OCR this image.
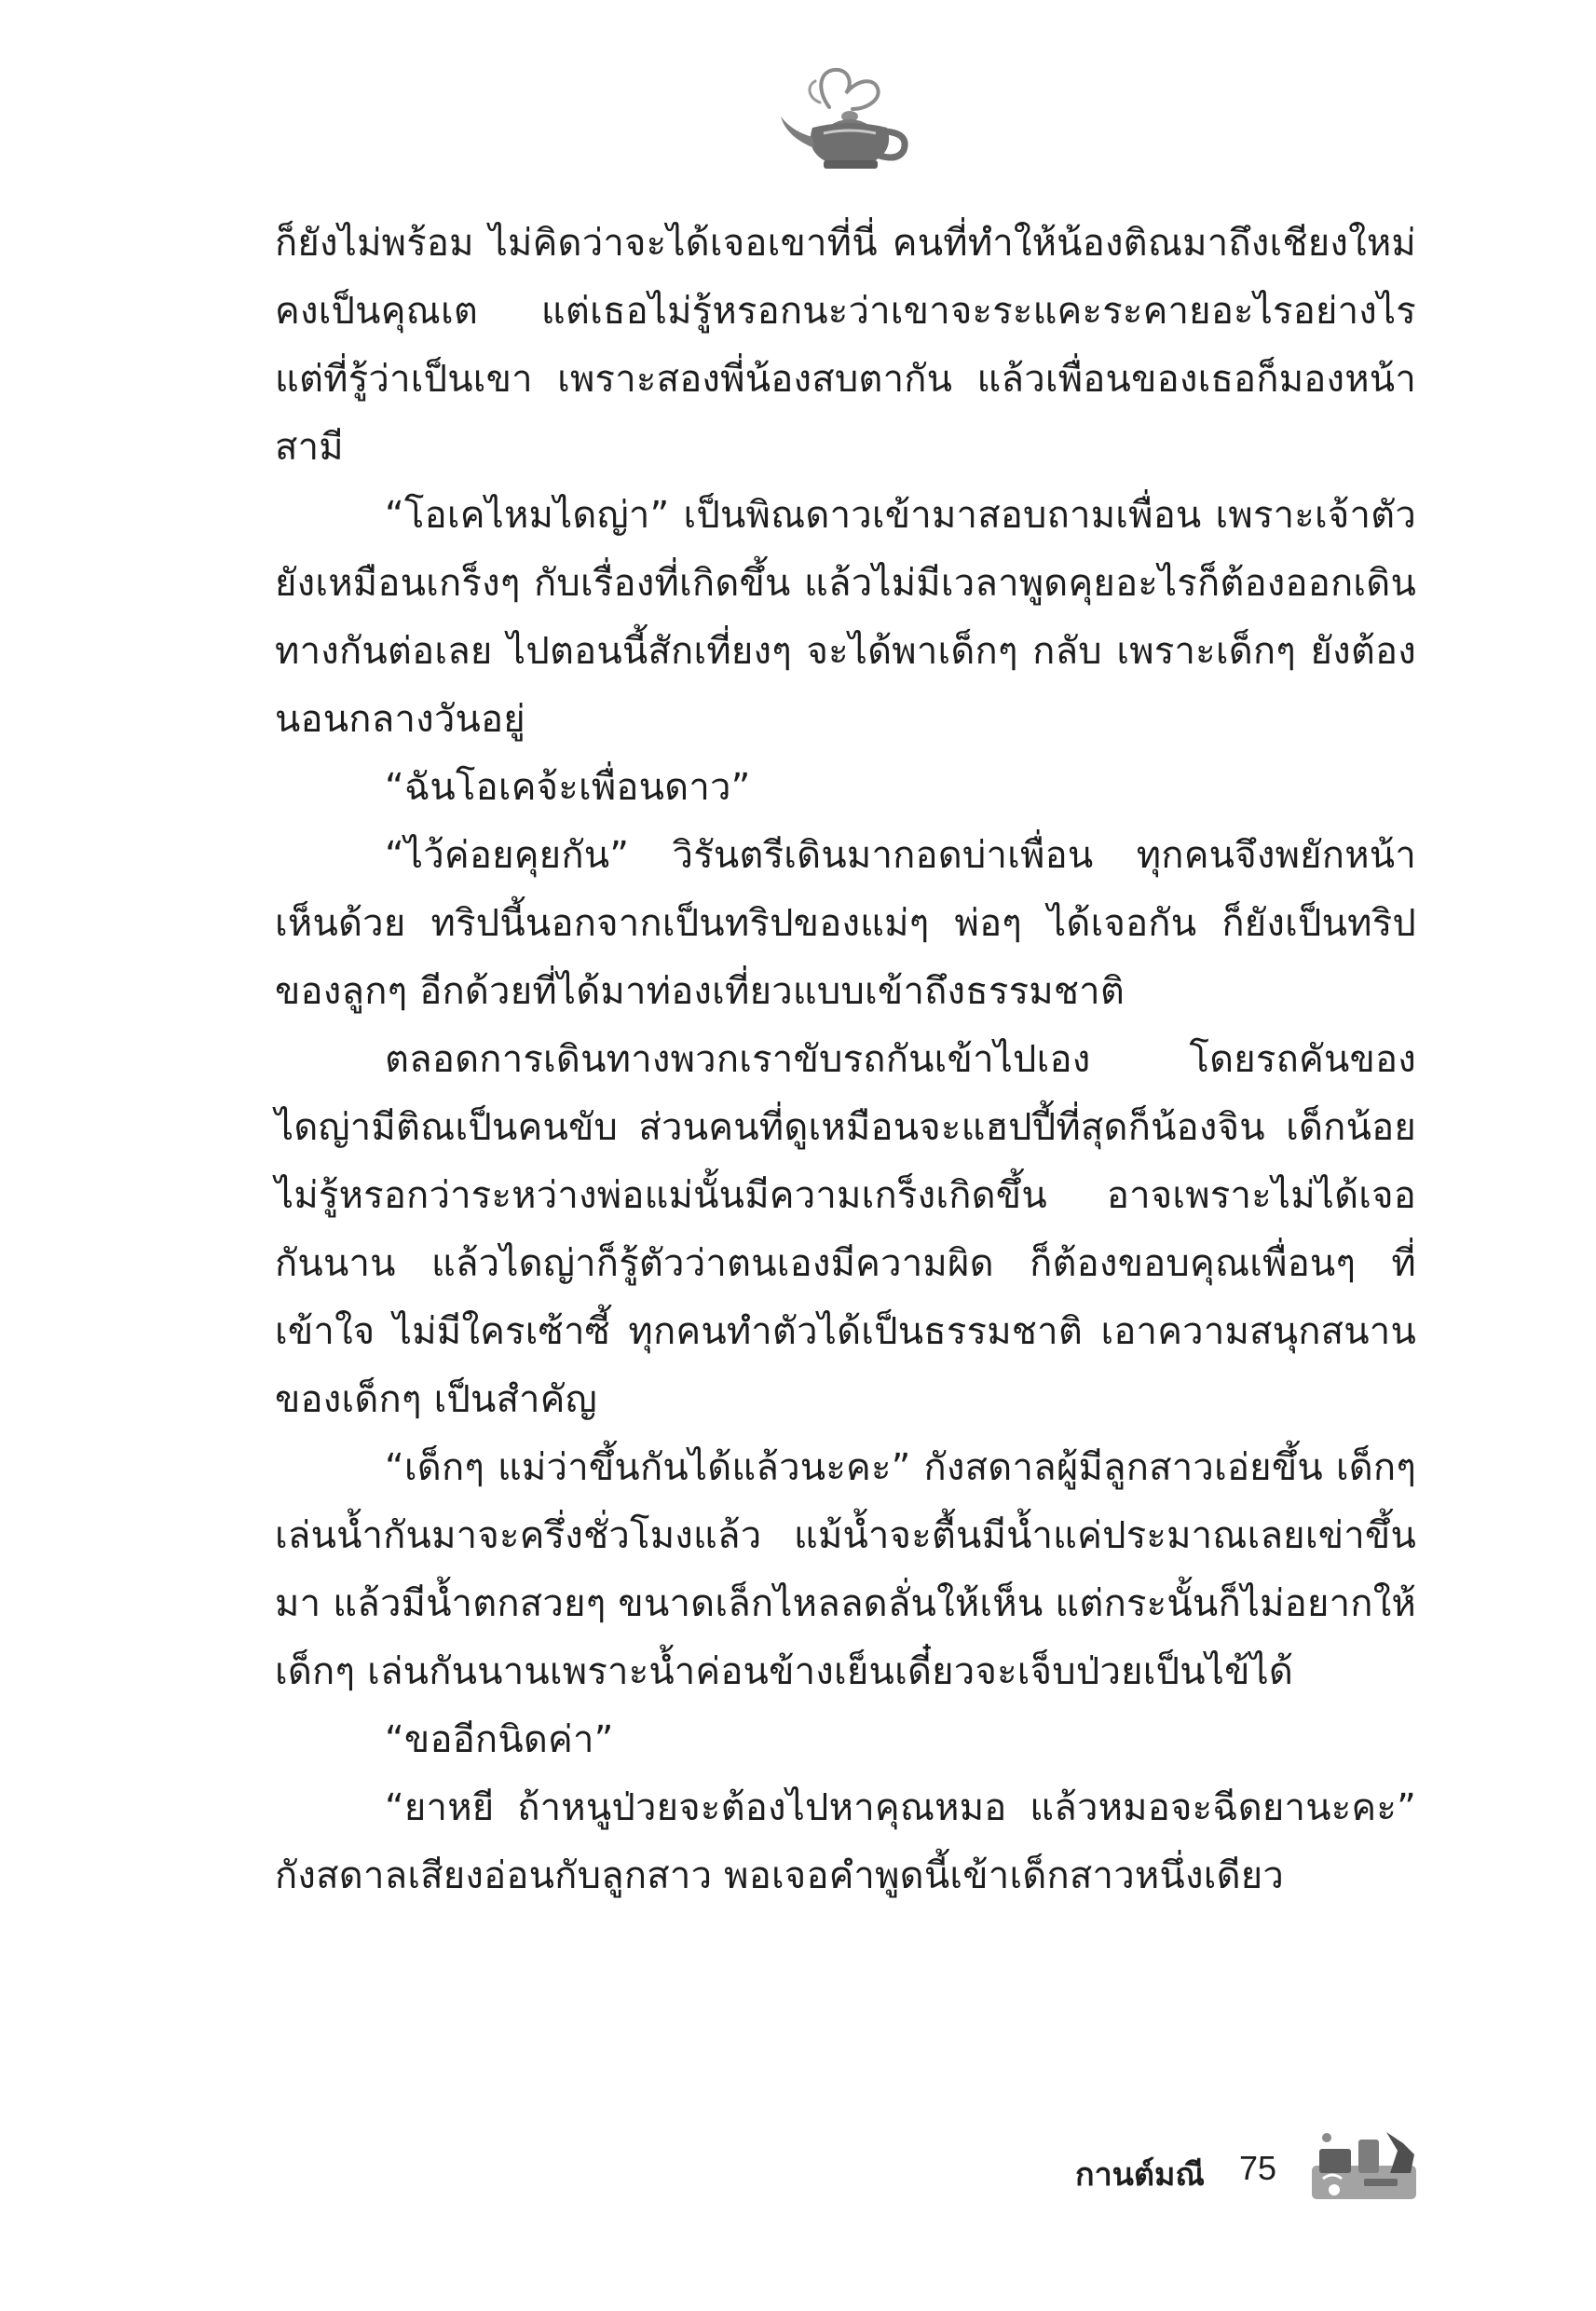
ก็ยังไม่พร้อม ไม่คิดว่าจะได้เจอเขาที่นี่ คนที่ทำให้น้องติณมาถึงเชียงใหม่ คงเป็นคุณเต แต่เธอไม่รู้หรอกนะว่าเขาจะระแคะระคายอะไรอย่างไร แต่ที่รู้ว่าเป็นเขา เพราะสองพี่น้องสบตากัน แล้วเพื่อนของเธอก็มองหน้าสามี

“โอเคไหมไดญ่า” เป็นพิณดาวเข้ามาสอบถามเพื่อน เพราะเจ้าตัวยังเหมือนเกร็งๆ กับเรื่องที่เกิดขึ้น แล้วไม่มีเวลาพูดคุยอะไรก็ต้องออกเดินทางกันต่อเลย ไปตอนนี้สักเที่ยงๆ จะได้พาเด็กๆ กลับ เพราะเด็กๆ ยังต้องนอนกลางวันอยู่

“ฉันโอเคจ้ะเพื่อนดาว”

“ไว้ค่อยคุยกัน” วิรันตรีเดินมากอดบ่าเพื่อน ทุกคนจึงพยักหน้าเห็นด้วย ทริปนี้นอกจากเป็นทริปของแม่ๆ พ่อๆ ได้เจอกัน ก็ยังเป็นทริปของลูกๆ อีกด้วยที่ได้มาท่องเที่ยวแบบเข้าถึงธรรมชาติ

ตลอดการเดินทางพวกเราขับรถกันเข้าไปเอง โดยรถคันของไดญ่ามีติณเป็นคนขับ ส่วนคนที่ดูเหมือนจะแฮปปี้ที่สุดก็น้องจิน เด็กน้อยไม่รู้หรอกว่าระหว่างพ่อแม่นั้นมีความเกร็งเกิดขึ้น อาจเพราะไม่ได้เจอกันนาน แล้วไดญ่าก็รู้ตัวว่าตนเองมีความผิด ก็ต้องขอบคุณเพื่อนๆ ที่เข้าใจ ไม่มีใครเซ้าซี้ ทุกคนทำตัวได้เป็นธรรมชาติ เอาความสนุกสนานของเด็กๆ เป็นสำคัญ

“เด็กๆ แม่ว่าขึ้นกันได้แล้วนะคะ” กังสดาลผู้มีลูกสาวเอ่ยขึ้น เด็กๆ เล่นน้ำกันมาจะครึ่งชั่วโมงแล้ว แม้น้ำจะตื้นมีน้ำแค่ประมาณเลยเข่าขึ้นมา แล้วมีน้ำตกสวยๆ ขนาดเล็กไหลลดลั่นให้เห็น แต่กระนั้นก็ไม่อยากให้เด็กๆ เล่นกันนานเพราะน้ำค่อนข้างเย็นเดี๋ยวจะเจ็บป่วยเป็นไข้ได้

“ขออีกนิดค่า”

“ยาหยี ถ้าหนูป่วยจะต้องไปหาคุณหมอ แล้วหมอจะฉีดยานะคะ” กังสดาลเสียงอ่อนกับลูกสาว พอเจอคำพูดนี้เข้าเด็กสาวหนึ่งเดียว

กานต์มณี 75
